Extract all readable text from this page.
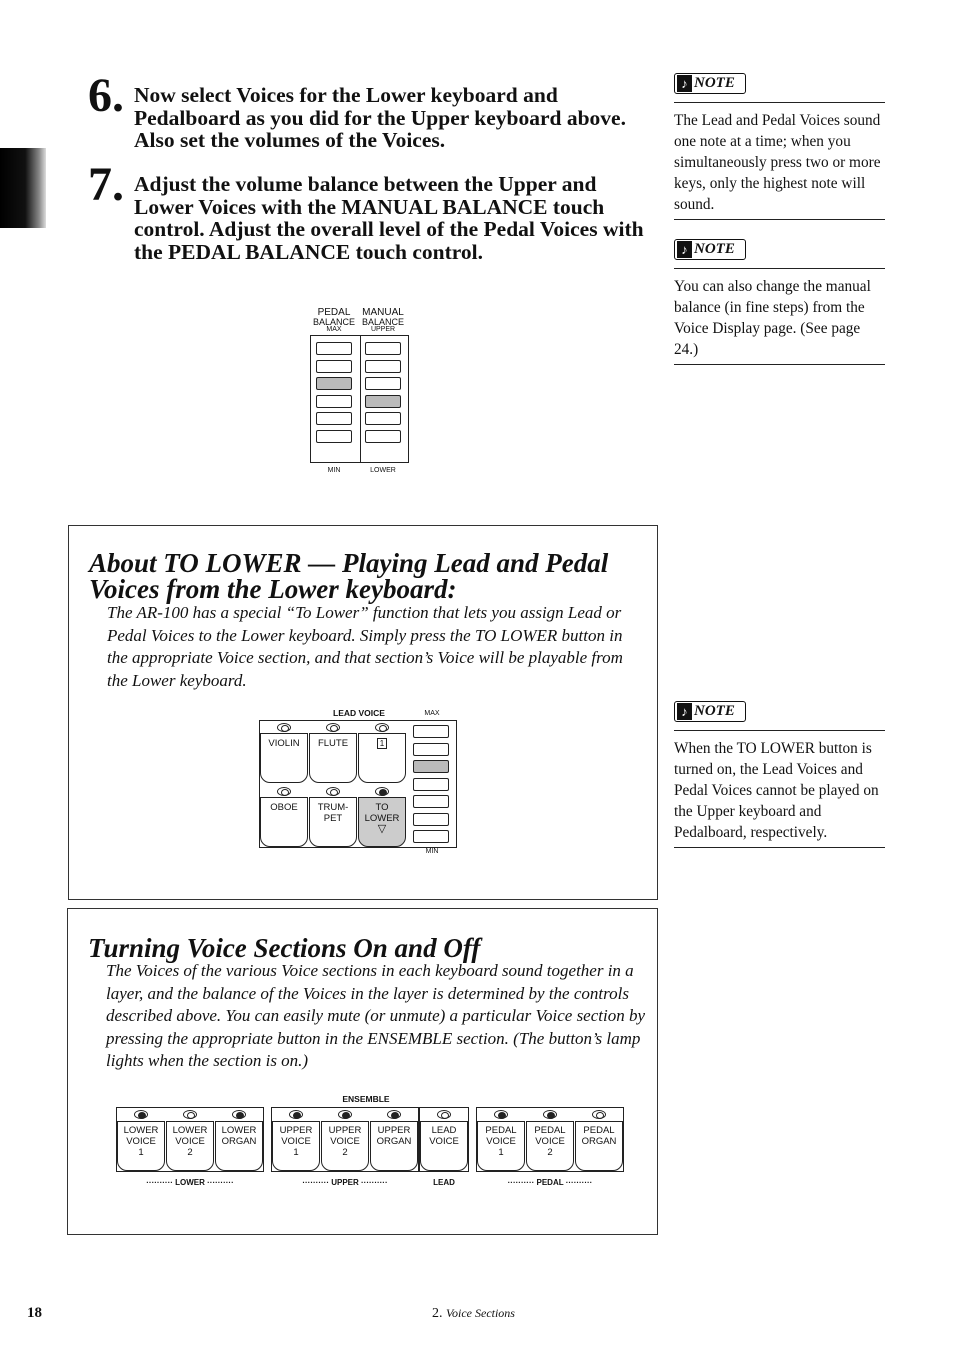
6. Now select Voices for the Lower keyboard and Pedalboard as you did for the Upper keyboard above. Also set the volumes of the Voices.
7. Adjust the volume balance between the Upper and Lower Voices with the MANUAL BALANCE touch control. Adjust the overall level of the Pedal Voices with the PEDAL BALANCE touch control.
PEDAL
BALANCE
MAX
MANUAL
BALANCE
UPPER
MIN	LOWER
♪ NOTE
The Lead and Pedal Voices sound one note at a time; when you simultaneously press two or more keys, only the highest note will sound.
♪ NOTE
You can also change the manual balance (in fine steps) from the Voice Display page. (See page 24.)
♪ NOTE
When the TO LOWER button is turned on, the Lead Voices and Pedal Voices cannot be played on the Upper keyboard and Pedalboard, respectively.
About TO LOWER — Playing Lead and Pedal Voices from the Lower keyboard:
The AR-100 has a special “To Lower” function that lets you assign Lead or Pedal Voices to the Lower keyboard. Simply press the TO LOWER button in the appropriate Voice section, and that section’s Voice will be playable from the Lower keyboard.
LEAD VOICE	MAX
VIOLIN	FLUTE	1
OBOE	TRUM-
PET
TO
LOWER
▽
MIN
Turning Voice Sections On and Off
The Voices of the various Voice sections in each keyboard sound together in a layer, and the balance of the Voices in the layer is determined by the controls described above. You can easily mute (or unmute) a particular Voice section by pressing the appropriate button in the ENSEMBLE section. (The button’s lamp lights when the section is on.)
ENSEMBLE
LOWER
VOICE
1
LOWER
VOICE
2
LOWER
ORGAN
·········· LOWER ··········
UPPER
VOICE
1
UPPER
VOICE
2
UPPER
ORGAN
·········· UPPER ··········
LEAD
VOICE
LEAD
PEDAL
VOICE
1
PEDAL
VOICE
2
PEDAL
ORGAN
·········· PEDAL ··········
18	2. Voice Sections
